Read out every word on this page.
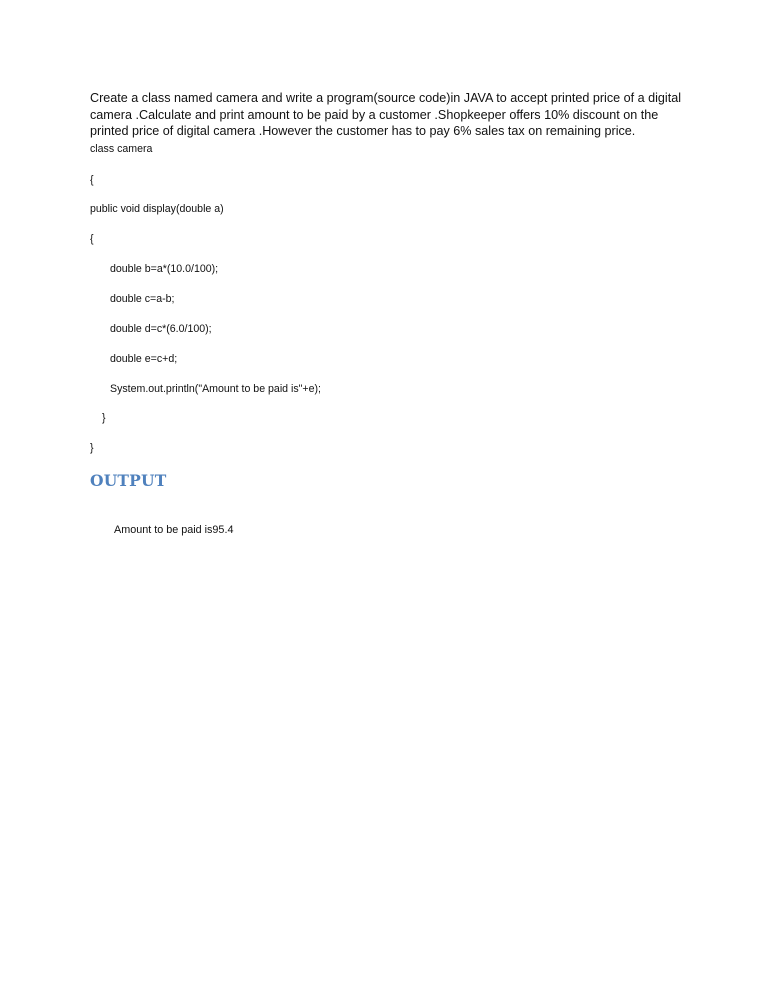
Create a class named camera and write a program(source code)in JAVA to accept printed price of a digital camera .Calculate and print amount to be paid by a customer .Shopkeeper offers 10% discount on the printed price of digital camera .However the customer has to pay 6% sales tax on remaining price.

class camera

{

public void display(double a)

{

double b=a*(10.0/100);

double c=a-b;

double d=c*(6.0/100);

double e=c+d;

System.out.println("Amount to be paid is"+e);

}

}

OUTPUT

Amount to be paid is95.4
